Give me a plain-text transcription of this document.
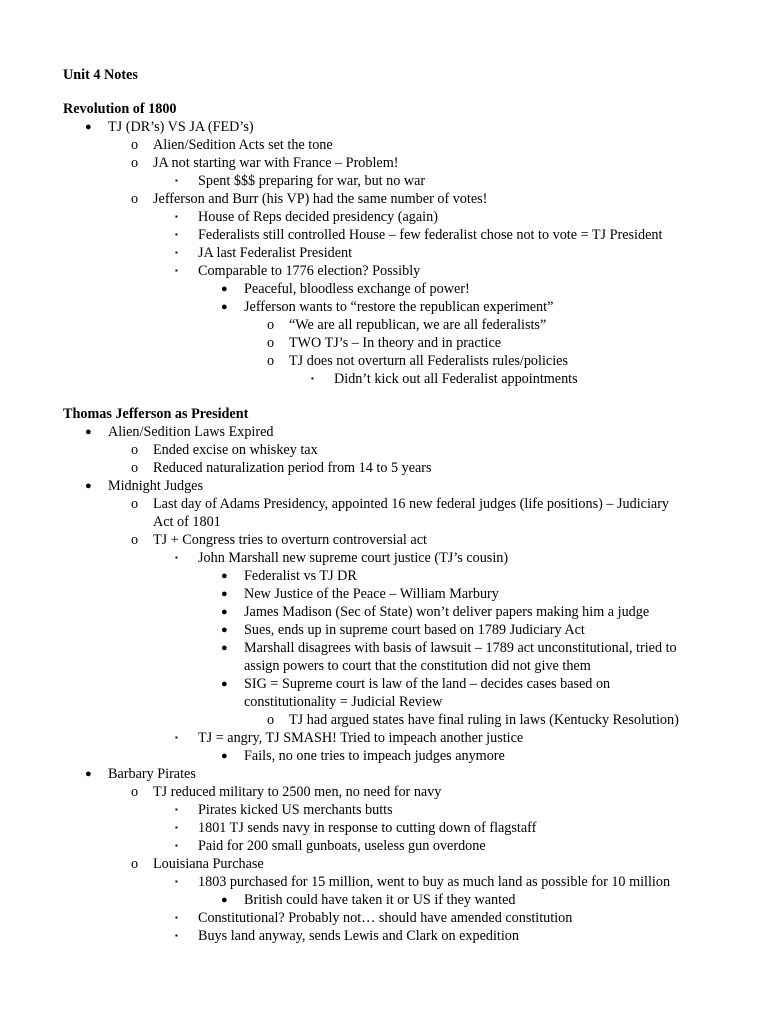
Unit 4 Notes
Revolution of 1800
● TJ (DR’s) VS JA (FED’s)
o Alien/Sedition Acts set the tone
o JA not starting war with France – Problem!
▪ Spent $$$ preparing for war, but no war
o Jefferson and Burr (his VP) had the same number of votes!
▪ House of Reps decided presidency (again)
▪ Federalists still controlled House – few federalist chose not to vote = TJ President
▪ JA last Federalist President
▪ Comparable to 1776 election? Possibly
● Peaceful, bloodless exchange of power!
● Jefferson wants to “restore the republican experiment”
o “We are all republican, we are all federalists”
o TWO TJ’s – In theory and in practice
o TJ does not overturn all Federalists rules/policies
▪ Didn’t kick out all Federalist appointments
Thomas Jefferson as President
● Alien/Sedition Laws Expired
o Ended excise on whiskey tax
o Reduced naturalization period from 14 to 5 years
● Midnight Judges
o Last day of Adams Presidency, appointed 16 new federal judges (life positions) – Judiciary
Act of 1801
o TJ + Congress tries to overturn controversial act
▪ John Marshall new supreme court justice (TJ’s cousin)
● Federalist vs TJ DR
● New Justice of the Peace – William Marbury
● James Madison (Sec of State) won’t deliver papers making him a judge
● Sues, ends up in supreme court based on 1789 Judiciary Act
● Marshall disagrees with basis of lawsuit – 1789 act unconstitutional, tried to
assign powers to court that the constitution did not give them
● SIG = Supreme court is law of the land – decides cases based on
constitutionality = Judicial Review
o TJ had argued states have final ruling in laws (Kentucky Resolution)
▪ TJ = angry, TJ SMASH! Tried to impeach another justice
● Fails, no one tries to impeach judges anymore
● Barbary Pirates
o TJ reduced military to 2500 men, no need for navy
▪ Pirates kicked US merchants butts
▪ 1801 TJ sends navy in response to cutting down of flagstaff
▪ Paid for 200 small gunboats, useless gun overdone
o Louisiana Purchase
▪ 1803 purchased for 15 million, went to buy as much land as possible for 10 million
● British could have taken it or US if they wanted
▪ Constitutional? Probably not… should have amended constitution
▪ Buys land anyway, sends Lewis and Clark on expedition
